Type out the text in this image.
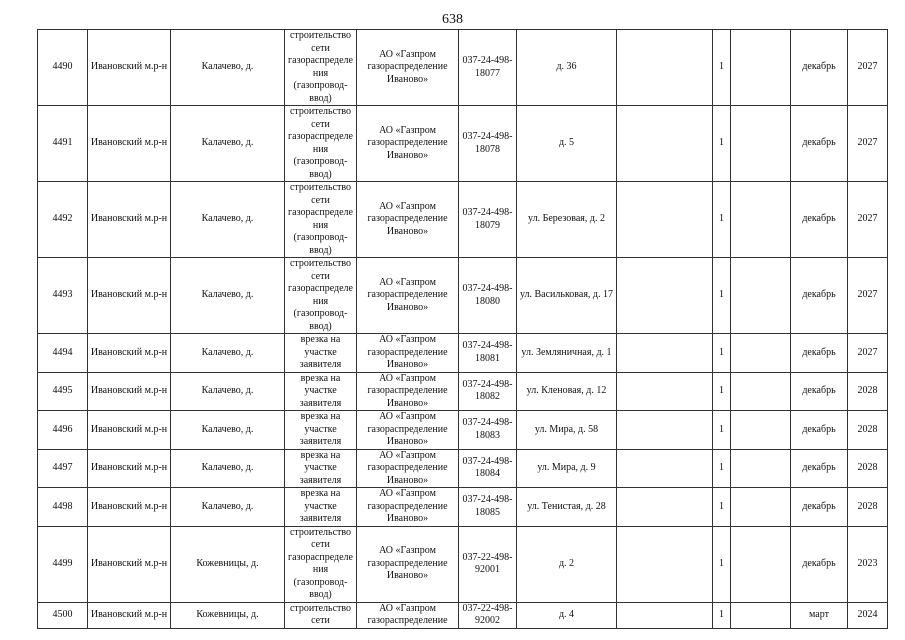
638
4490	Ивановский м.р-н	Калачево, д.	строительство сети газораспределения (газопровод-ввод)	АО «Газпром газораспределение Иваново»	037-24-498-18077	д. 36		1		декабрь	2027
4491	Ивановский м.р-н	Калачево, д.	строительство сети газораспределения (газопровод-ввод)	АО «Газпром газораспределение Иваново»	037-24-498-18078	д. 5		1		декабрь	2027
4492	Ивановский м.р-н	Калачево, д.	строительство сети газораспределения (газопровод-ввод)	АО «Газпром газораспределение Иваново»	037-24-498-18079	ул. Березовая, д. 2		1		декабрь	2027
4493	Ивановский м.р-н	Калачево, д.	строительство сети газораспределения (газопровод-ввод)	АО «Газпром газораспределение Иваново»	037-24-498-18080	ул. Васильковая, д. 17		1		декабрь	2027
4494	Ивановский м.р-н	Калачево, д.	врезка на участке заявителя	АО «Газпром газораспределение Иваново»	037-24-498-18081	ул. Земляничная, д. 1		1		декабрь	2027
4495	Ивановский м.р-н	Калачево, д.	врезка на участке заявителя	АО «Газпром газораспределение Иваново»	037-24-498-18082	ул. Кленовая, д. 12		1		декабрь	2028
4496	Ивановский м.р-н	Калачево, д.	врезка на участке заявителя	АО «Газпром газораспределение Иваново»	037-24-498-18083	ул. Мира, д. 58		1		декабрь	2028
4497	Ивановский м.р-н	Калачево, д.	врезка на участке заявителя	АО «Газпром газораспределение Иваново»	037-24-498-18084	ул. Мира, д. 9		1		декабрь	2028
4498	Ивановский м.р-н	Калачево, д.	врезка на участке заявителя	АО «Газпром газораспределение Иваново»	037-24-498-18085	ул. Тенистая, д. 28		1		декабрь	2028
4499	Ивановский м.р-н	Кожевницы, д.	строительство сети газораспределения (газопровод-ввод)	АО «Газпром газораспределение Иваново»	037-22-498-92001	д. 2		1		декабрь	2023
4500	Ивановский м.р-н	Кожевницы, д.	строительство сети	АО «Газпром газораспределение	037-22-498-92002	д. 4		1		март	2024
